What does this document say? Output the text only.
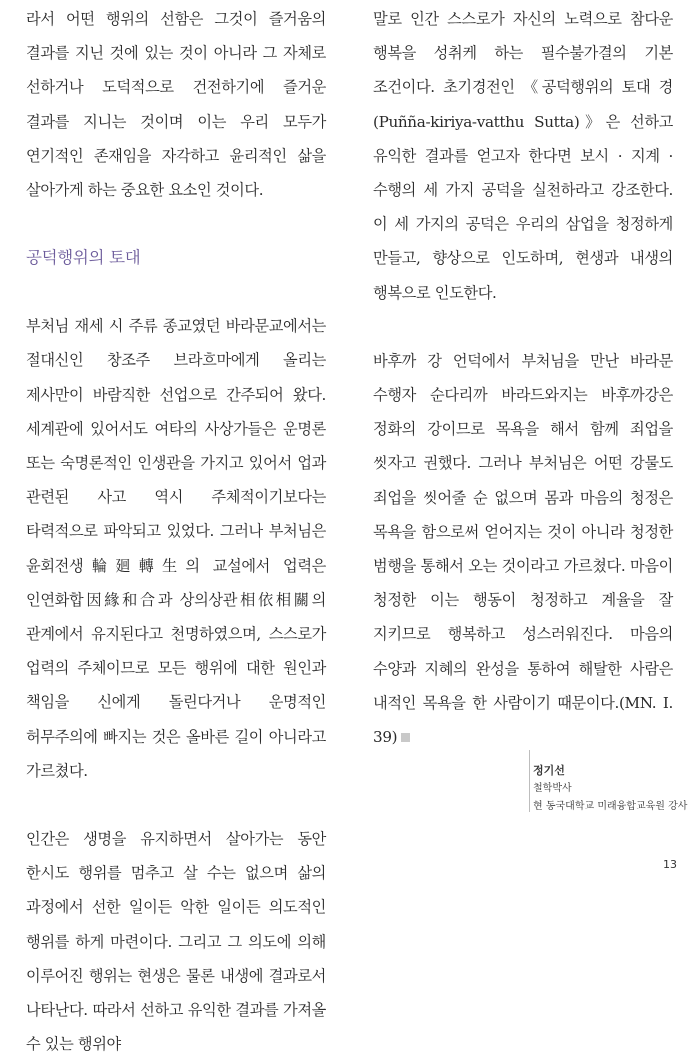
라서 어떤 행위의 선함은 그것이 즐거움의 결과를 지닌 것에 있는 것이 아니라 그 자체로 선하거나 도덕적으로 건전하기에 즐거운 결과를 지니는 것이며 이는 우리 모두가 연기적인 존재임을 자각하고 윤리적인 삶을 살아가게 하는 중요한 요소인 것이다.

공덕행위의 토대

부처님 재세 시 주류 종교였던 바라문교에서는 절대신인 창조주 브라흐마에게 올리는 제사만이 바람직한 선업으로 간주되어 왔다. 세계관에 있어서도 여타의 사상가들은 운명론 또는 숙명론적인 인생관을 가지고 있어서 업과 관련된 사고 역시 주체적이기보다는 타력적으로 파악되고 있었다. 그러나 부처님은 윤회전생輪廻轉生의 교설에서 업력은 인연화합因緣和合과 상의상관相依相關의 관계에서 유지된다고 천명하였으며, 스스로가 업력의 주체이므로 모든 행위에 대한 원인과 책임을 신에게 돌린다거나 운명적인 허무주의에 빠지는 것은 올바른 길이 아니라고 가르쳤다.

인간은 생명을 유지하면서 살아가는 동안 한시도 행위를 멈추고 살 수는 없으며 삶의 과정에서 선한 일이든 악한 일이든 의도적인 행위를 하게 마련이다. 그리고 그 의도에 의해 이루어진 행위는 현생은 물론 내생에 결과로서 나타난다. 따라서 선하고 유익한 결과를 가져올 수 있는 행위야

말로 인간 스스로가 자신의 노력으로 참다운 행복을 성취케 하는 필수불가결의 기본 조건이다. 초기경전인 《공덕행위의 토대 경(Puñña-kiriya-vatthu Sutta)》은 선하고 유익한 결과를 얻고자 한다면 보시 · 지계 · 수행의 세 가지 공덕을 실천하라고 강조한다. 이 세 가지의 공덕은 우리의 삼업을 청정하게 만들고, 향상으로 인도하며, 현생과 내생의 행복으로 인도한다.

바후까 강 언덕에서 부처님을 만난 바라문 수행자 순다리까 바라드와지는 바후까강은 정화의 강이므로 목욕을 해서 함께 죄업을 씻자고 권했다. 그러나 부처님은 어떤 강물도 죄업을 씻어줄 순 없으며 몸과 마음의 청정은 목욕을 함으로써 얻어지는 것이 아니라 청정한 범행을 통해서 오는 것이라고 가르쳤다. 마음이 청정한 이는 행동이 청정하고 계율을 잘 지키므로 행복하고 성스러워진다. 마음의 수양과 지혜의 완성을 통하여 해탈한 사람은 내적인 목욕을 한 사람이기 때문이다.(MN. I. 39)

정기선
철학박사
현 동국대학교 미래융합교육원 강사
13
